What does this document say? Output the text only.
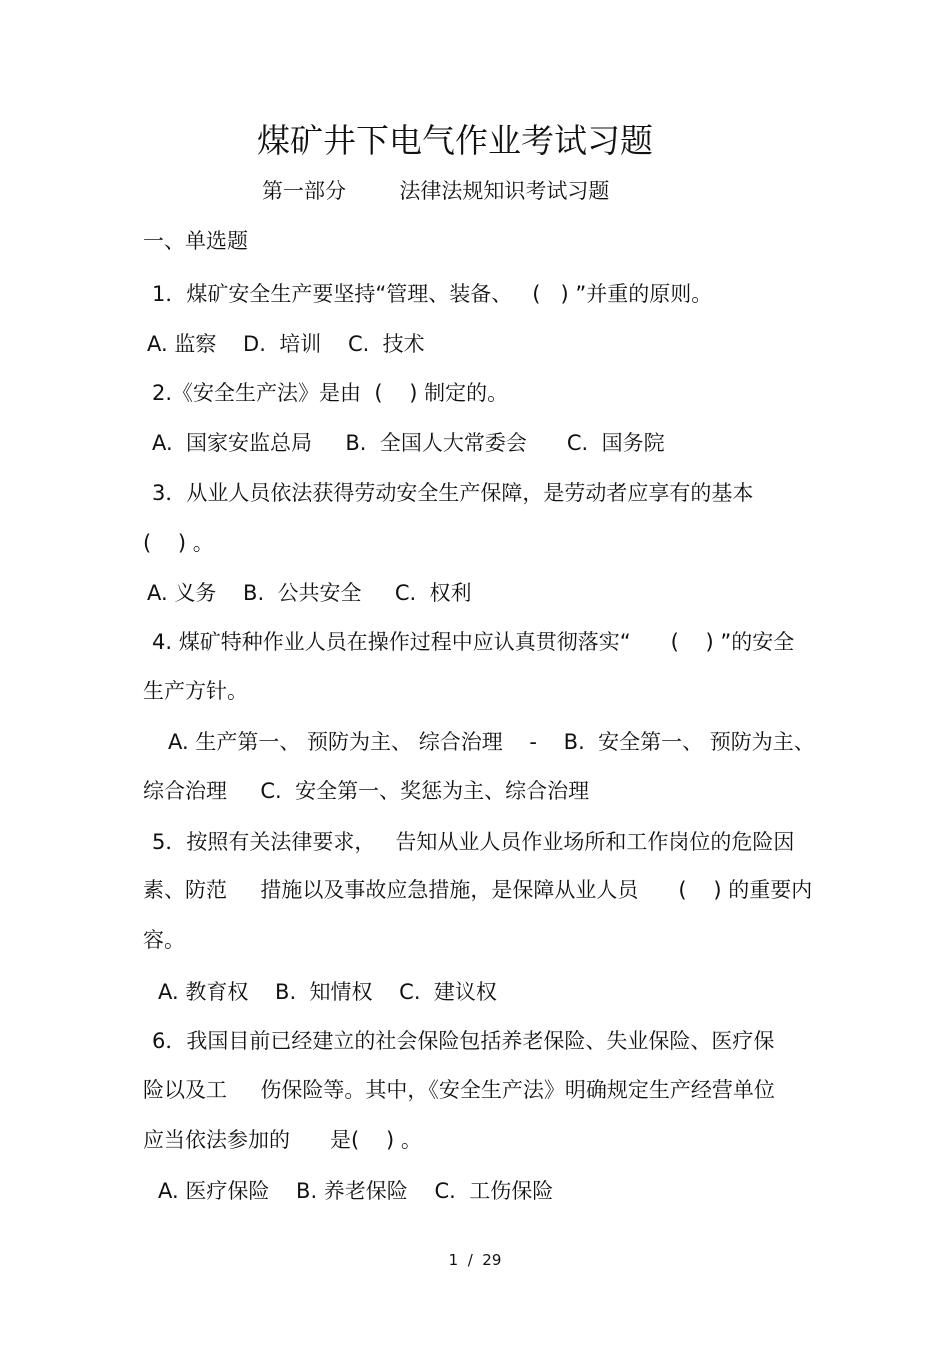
煤矿井下电气作业考试习题
第一部分        法律法规知识考试习题
一、单选题
1．煤矿安全生产要坚持“管理、装备、   (   ) ”并重的原则。
A. 监察    D.  培训    C.  技术
2.《安全生产法》是由  (    ) 制定的。
A.  国家安监总局     B.  全国人大常委会      C.  国务院
3．从业人员依法获得劳动安全生产保障，是劳动者应享有的基本
(    ) 。
A. 义务    B.  公共安全     C.  权利
4. 煤矿特种作业人员在操作过程中应认真贯彻落实“      (    ) ”的安全
生产方针。
A. 生产第一、 预防为主、 综合治理    -    B.  安全第一、 预防为主、
综合治理     C.  安全第一、奖惩为主、综合治理
5．按照有关法律要求，   告知从业人员作业场所和工作岗位的危险因
素、防范     措施以及事故应急措施，是保障从业人员      (    ) 的重要内
容。
A. 教育权    B.  知情权    C.  建议权
6．我国目前已经建立的社会保险包括养老保险、失业保险、医疗保
险以及工     伤保险等。其中，《安全生产法》明确规定生产经营单位
应当依法参加的      是(    ) 。
A. 医疗保险    B. 养老保险    C.  工伤保险
1  /  29
